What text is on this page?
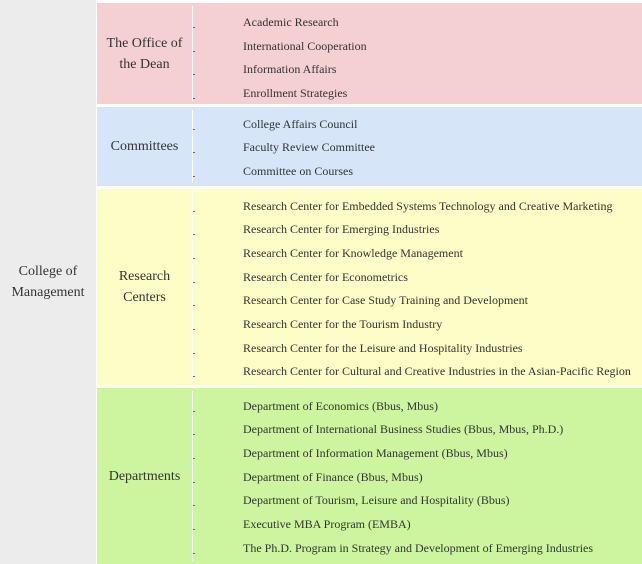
College of
Management
The Office of
the Dean
Academic Research
International Cooperation
Information Affairs
Enrollment Strategies
Committees
College Affairs Council
Faculty Review Committee
Committee on Courses
Research
Centers
Research Center for Embedded Systems Technology and Creative Marketing
Research Center for Emerging Industries
Research Center for Knowledge Management
Research Center for Econometrics
Research Center for Case Study Training and Development
Research Center for the Tourism Industry
Research Center for the Leisure and Hospitality Industries
Research Center for Cultural and Creative Industries in the Asian-Pacific Region
Departments
Department of Economics (Bbus, Mbus)
Department of International Business Studies (Bbus, Mbus, Ph.D.)
Department of Information Management (Bbus, Mbus)
Department of Finance (Bbus, Mbus)
Department of Tourism, Leisure and Hospitality (Bbus)
Executive MBA Program (EMBA)
The Ph.D. Program in Strategy and Development of Emerging Industries
